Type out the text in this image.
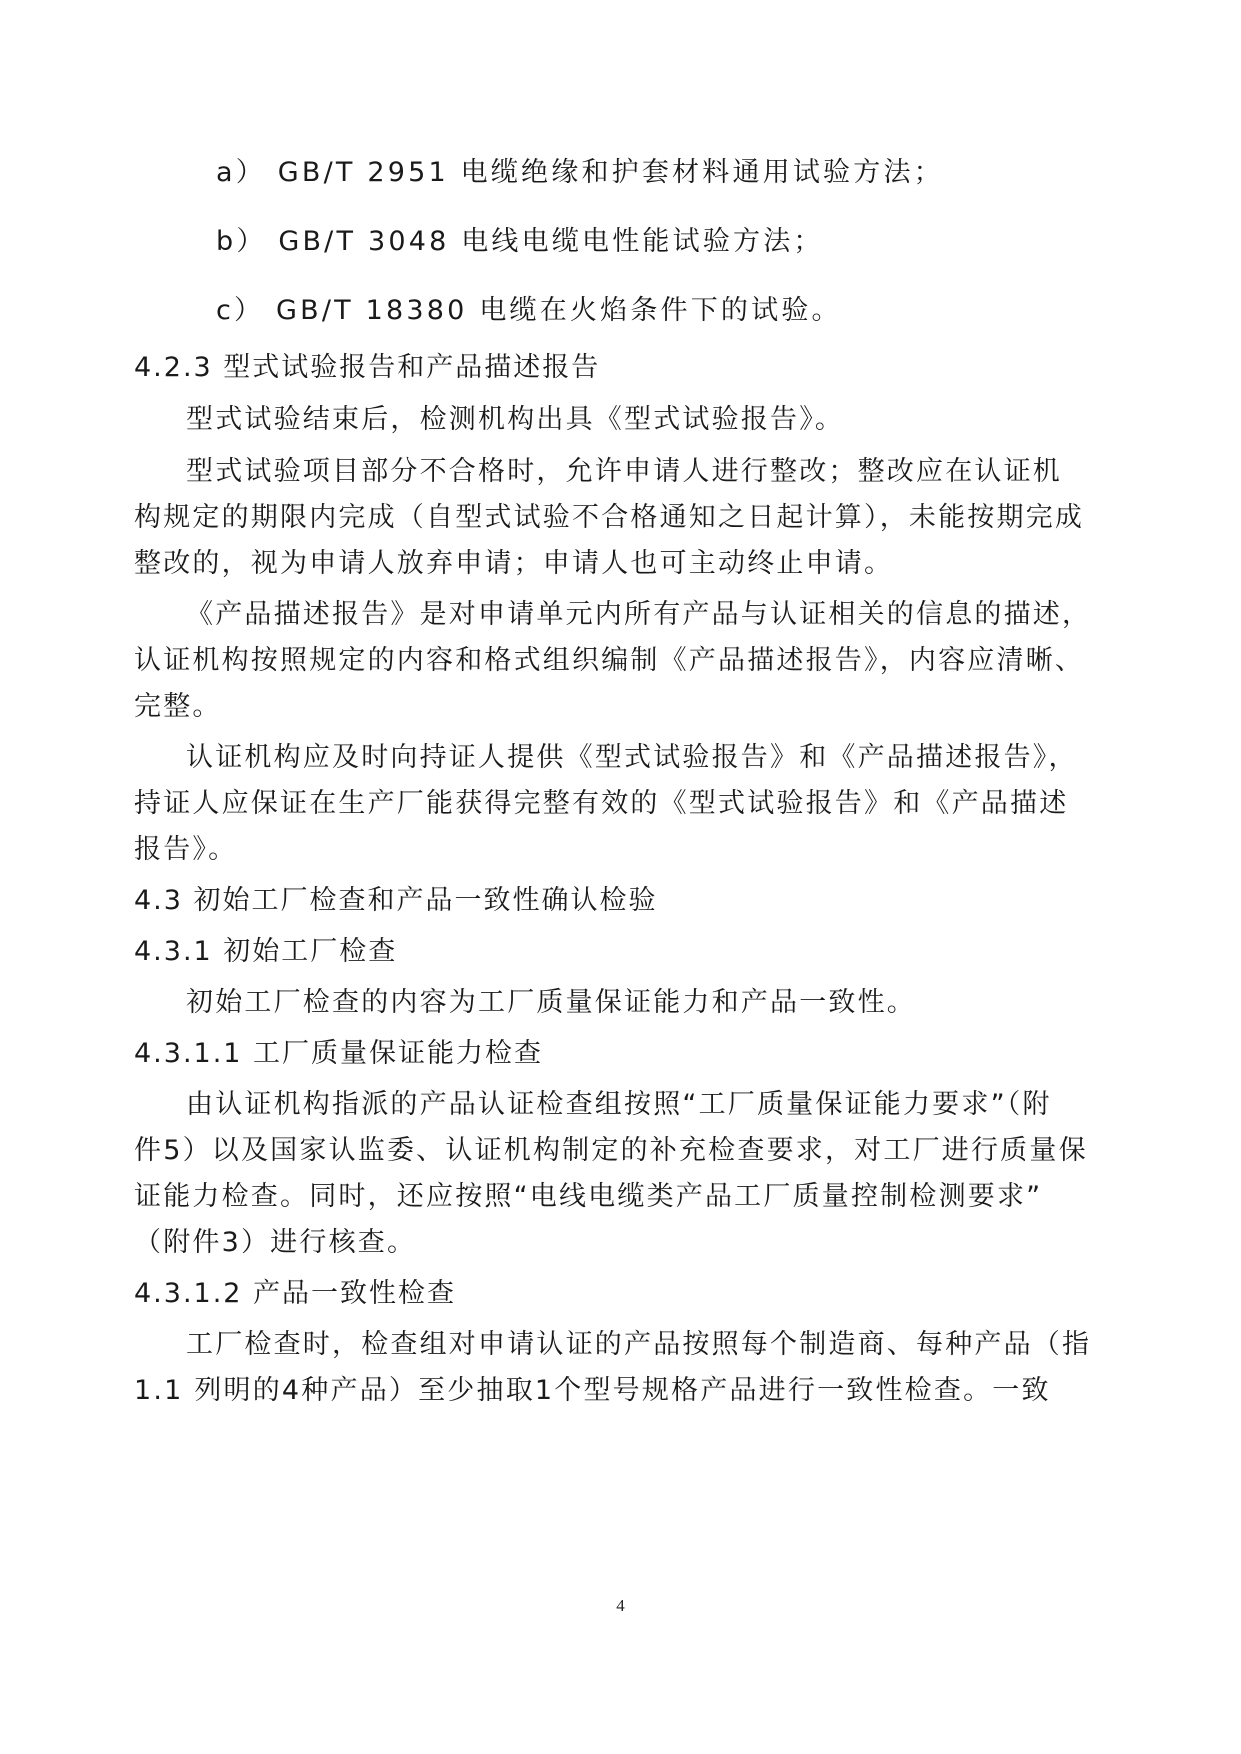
a） GB/T 2951 电缆绝缘和护套材料通用试验方法；
b） GB/T 3048 电线电缆电性能试验方法；
c） GB/T 18380 电缆在火焰条件下的试验。
4.2.3 型式试验报告和产品描述报告
型式试验结束后，检测机构出具《型式试验报告》。
型式试验项目部分不合格时，允许申请人进行整改；整改应在认证机
构规定的期限内完成（自型式试验不合格通知之日起计算），未能按期完成
整改的，视为申请人放弃申请；申请人也可主动终止申请。
《产品描述报告》是对申请单元内所有产品与认证相关的信息的描述，
认证机构按照规定的内容和格式组织编制《产品描述报告》，内容应清晰、
完整。
认证机构应及时向持证人提供《型式试验报告》和《产品描述报告》，
持证人应保证在生产厂能获得完整有效的《型式试验报告》和《产品描述
报告》。
4.3 初始工厂检查和产品一致性确认检验
4.3.1 初始工厂检查
初始工厂检查的内容为工厂质量保证能力和产品一致性。
4.3.1.1 工厂质量保证能力检查
由认证机构指派的产品认证检查组按照“工厂质量保证能力要求”（附
件5）以及国家认监委、认证机构制定的补充检查要求，对工厂进行质量保
证能力检查。同时，还应按照“电线电缆类产品工厂质量控制检测要求”
（附件3）进行核查。
4.3.1.2 产品一致性检查
工厂检查时，检查组对申请认证的产品按照每个制造商、每种产品（指
1.1 列明的4种产品）至少抽取1个型号规格产品进行一致性检查。一致
4
